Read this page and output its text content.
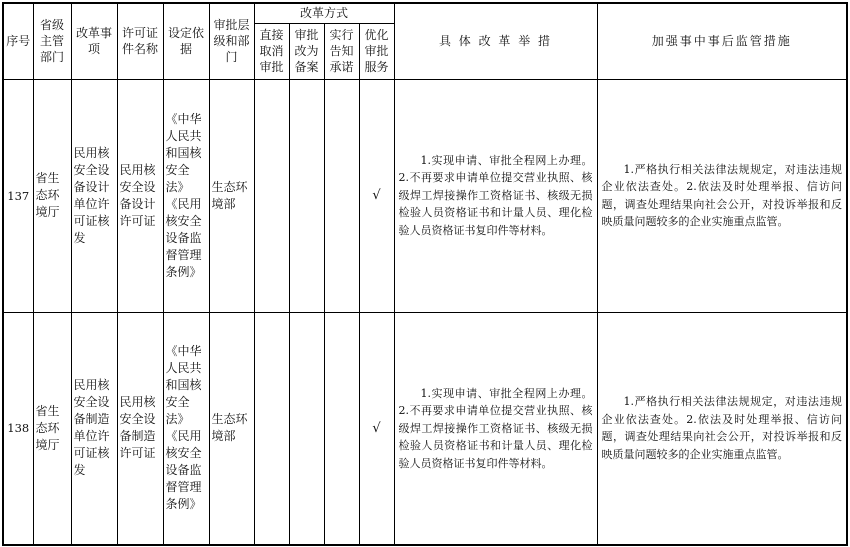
序号	省级主管部门	改革事项	许可证件名称	设定依据	审批层级和部门	改革方式				具 体 改 革 举 措	加强事中事后监管措施
						直接取消审批	审批改为备案	实行告知承诺	优化审批服务		
137	省生态环境厅	民用核安全设备设计单位许可证核发	民用核安全设备设计许可证	《中华人民共和国核安全法》《民用核安全设备监督管理条例》	生态环境部				√	1.实现申请、审批全程网上办理。2.不再要求申请单位提交营业执照、核级焊工焊接操作工资格证书、核级无损检验人员资格证书和计量人员、理化检验人员资格证书复印件等材料。	1.严格执行相关法律法规规定，对违法违规企业依法查处。2.依法及时处理举报、信访问题，调查处理结果向社会公开，对投诉举报和反映质量问题较多的企业实施重点监管。
138	省生态环境厅	民用核安全设备制造单位许可证核发	民用核安全设备制造许可证	《中华人民共和国核安全法》《民用核安全设备监督管理条例》	生态环境部				√	1.实现申请、审批全程网上办理。2.不再要求申请单位提交营业执照、核级焊工焊接操作工资格证书、核级无损检验人员资格证书和计量人员、理化检验人员资格证书复印件等材料。	1.严格执行相关法律法规规定，对违法违规企业依法查处。2.依法及时处理举报、信访问题，调查处理结果向社会公开，对投诉举报和反映质量问题较多的企业实施重点监管。
